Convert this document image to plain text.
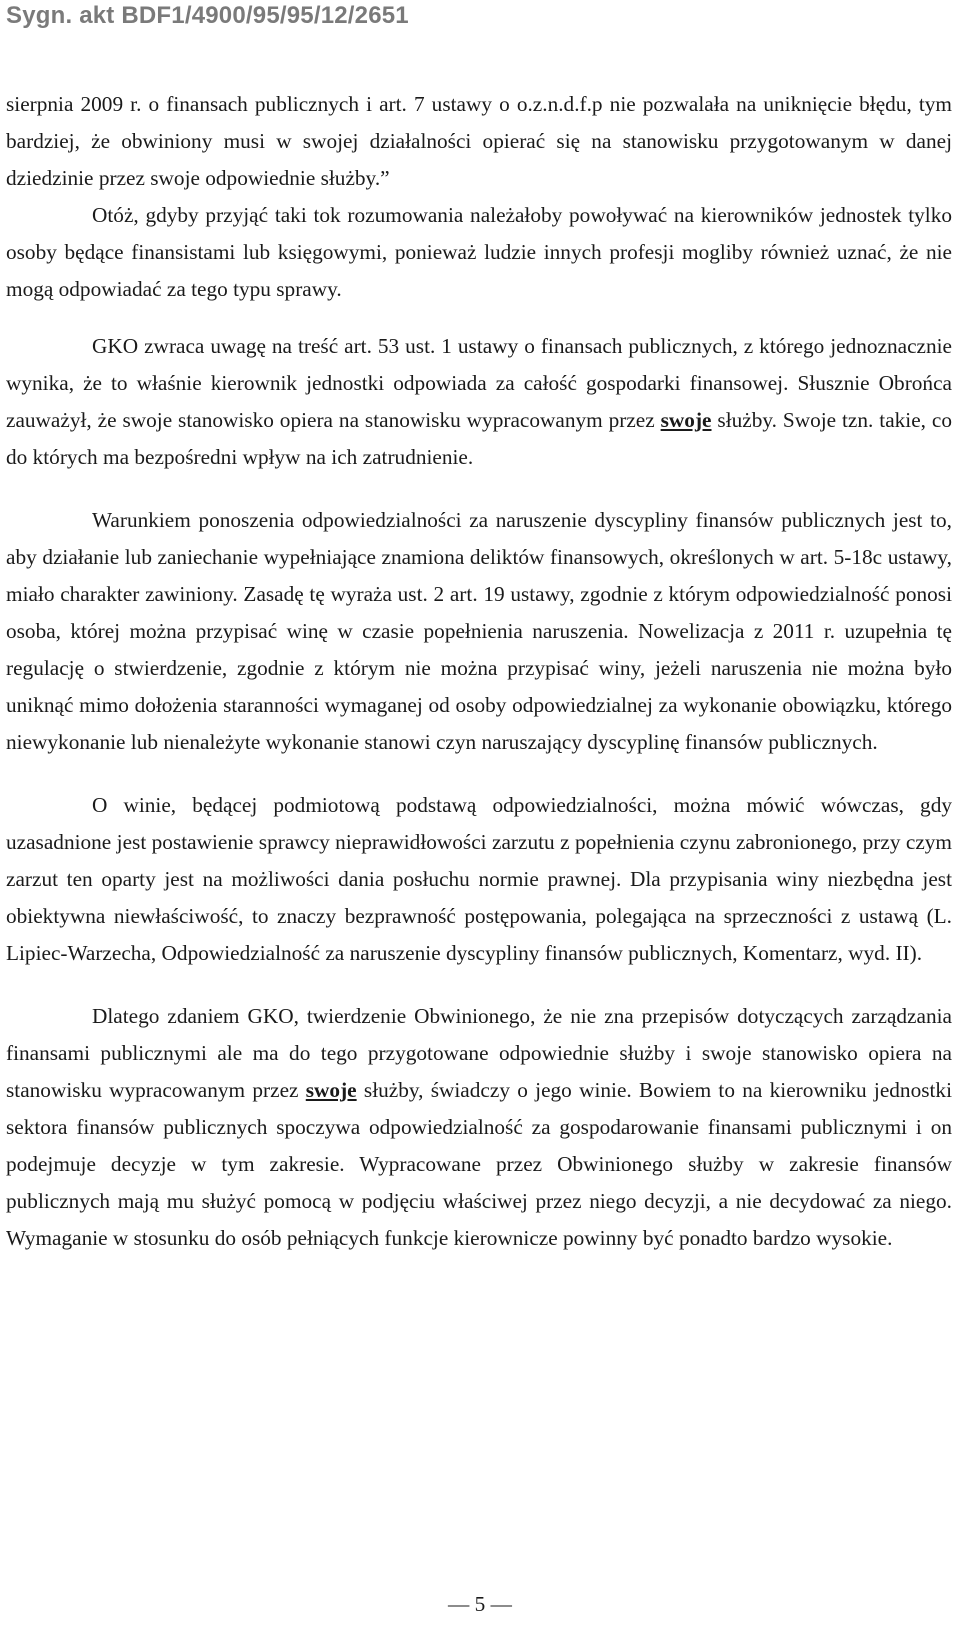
Sygn. akt BDF1/4900/95/95/12/2651

sierpnia 2009 r. o finansach publicznych i art. 7 ustawy o o.z.n.d.f.p nie pozwalała na uniknięcie błędu, tym bardziej, że obwiniony musi w swojej działalności opierać się na stanowisku przygotowanym w danej dziedzinie przez swoje odpowiednie służby.”

Otóż, gdyby przyjąć taki tok rozumowania należałoby powoływać na kierowników jednostek tylko osoby będące finansistami lub księgowymi, ponieważ ludzie innych profesji mogliby również uznać, że nie mogą odpowiadać za tego typu sprawy.

GKO zwraca uwagę na treść art. 53 ust. 1 ustawy o finansach publicznych, z którego jednoznacznie wynika, że to właśnie kierownik jednostki odpowiada za całość gospodarki finansowej. Słusznie Obrońca zauważył, że swoje stanowisko opiera na stanowisku wypracowanym przez swoje służby. Swoje tzn. takie, co do których ma bezpośredni wpływ na ich zatrudnienie.

Warunkiem ponoszenia odpowiedzialności za naruszenie dyscypliny finansów publicznych jest to, aby działanie lub zaniechanie wypełniające znamiona deliktów finansowych, określonych w art. 5-18c ustawy, miało charakter zawiniony. Zasadę tę wyraża ust. 2 art. 19 ustawy, zgodnie z którym odpowiedzialność ponosi osoba, której można przypisać winę w czasie popełnienia naruszenia. Nowelizacja z 2011 r. uzupełnia tę regulację o stwierdzenie, zgodnie z którym nie można przypisać winy, jeżeli naruszenia nie można było uniknąć mimo dołożenia staranności wymaganej od osoby odpowiedzialnej za wykonanie obowiązku, którego niewykonanie lub nienależyte wykonanie stanowi czyn naruszający dyscyplinę finansów publicznych.

O winie, będącej podmiotową podstawą odpowiedzialności, można mówić wówczas, gdy uzasadnione jest postawienie sprawcy nieprawidłowości zarzutu z popełnienia czynu zabronionego, przy czym zarzut ten oparty jest na możliwości dania posłuchu normie prawnej. Dla przypisania winy niezbędna jest obiektywna niewłaściwość, to znaczy bezprawność postępowania, polegająca na sprzeczności z ustawą (L. Lipiec-Warzecha, Odpowiedzialność za naruszenie dyscypliny finansów publicznych, Komentarz, wyd. II).

Dlatego zdaniem GKO, twierdzenie Obwinionego, że nie zna przepisów dotyczących zarządzania finansami publicznymi ale ma do tego przygotowane odpowiednie służby i swoje stanowisko opiera na stanowisku wypracowanym przez swoje służby, świadczy o jego winie. Bowiem to na kierowniku jednostki sektora finansów publicznych spoczywa odpowiedzialność za gospodarowanie finansami publicznymi i on podejmuje decyzje w tym zakresie. Wypracowane przez Obwinionego służby w zakresie finansów publicznych mają mu służyć pomocą w podjęciu właściwej przez niego decyzji, a nie decydować za niego. Wymaganie w stosunku do osób pełniących funkcje kierownicze powinny być ponadto bardzo wysokie.

— 5 —
